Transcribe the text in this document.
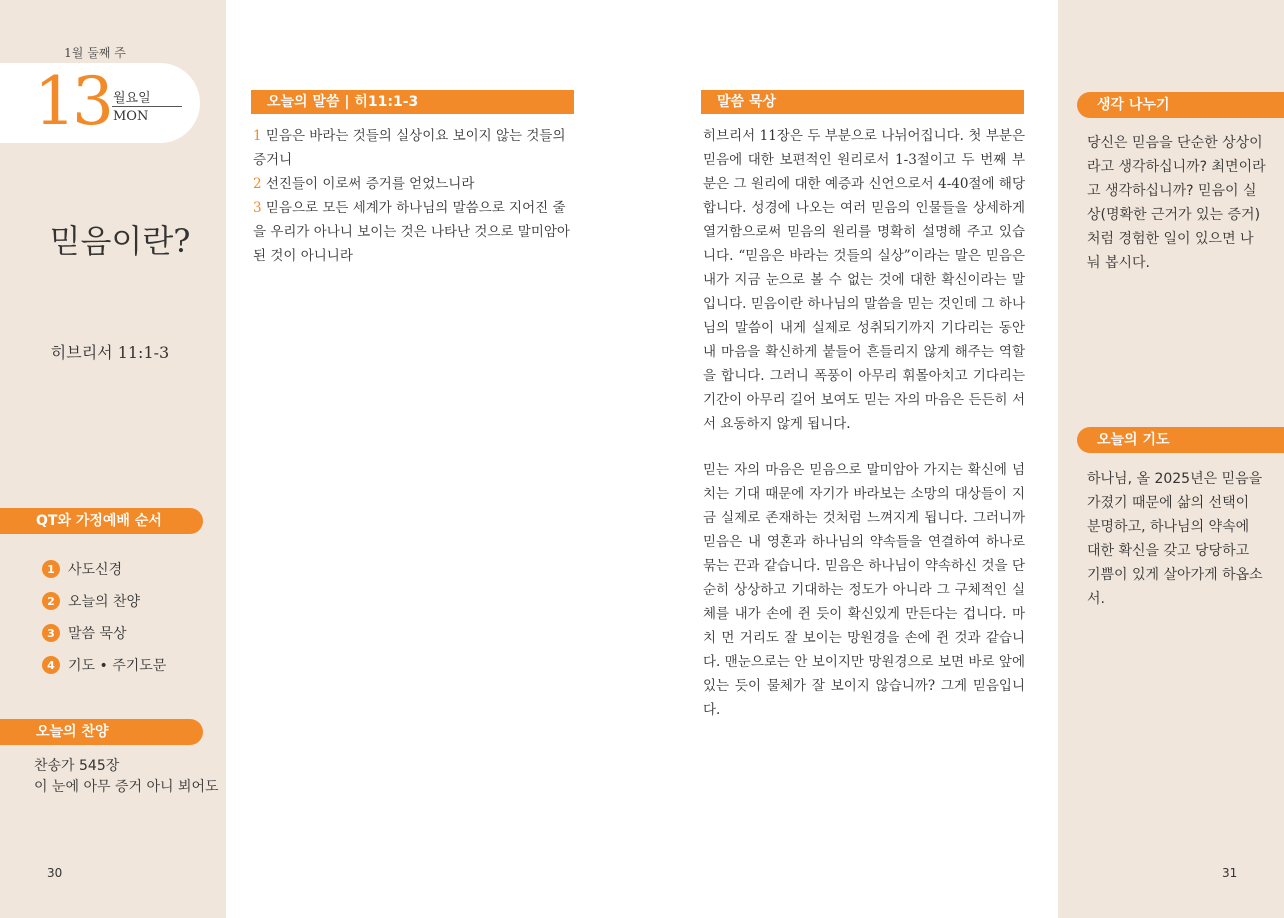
1월 둘째 주
13 월요일
MON
믿음이란?
히브리서 11:1-3
QT와 가정예배 순서
1 사도신경
2 오늘의 찬양
3 말씀 묵상
4 기도 • 주기도문
오늘의 찬양
찬송가 545장
이 눈에 아무 증거 아니 뵈어도
30
오늘의 말씀 | 히11:1-3
1 믿음은 바라는 것들의 실상이요 보이지 않는 것들의 증거니
2 선진들이 이로써 증거를 얻었느니라
3 믿음으로 모든 세계가 하나님의 말씀으로 지어진 줄을 우리가 아나니 보이는 것은 나타난 것으로 말미암아 된 것이 아니니라
말씀 묵상

히브리서 11장은 두 부분으로 나뉘어집니다. 첫 부분은 믿음에 대한 보편적인 원리로서 1-3절이고 두 번째 부분은 그 원리에 대한 예증과 신언으로서 4-40절에 해당합니다. 성경에 나오는 여러 믿음의 인물들을 상세하게 열거함으로써 믿음의 원리를 명확히 설명해 주고 있습니다. “믿음은 바라는 것들의 실상”이라는 말은 믿음은 내가 지금 눈으로 볼 수 없는 것에 대한 확신이라는 말입니다. 믿음이란 하나님의 말씀을 믿는 것인데 그 하나님의 말씀이 내게 실제로 성취되기까지 기다리는 동안 내 마음을 확신하게 붙들어 흔들리지 않게 해주는 역할을 합니다. 그러니 폭풍이 아무리 휘몰아치고 기다리는 기간이 아무리 길어 보여도 믿는 자의 마음은 든든히 서서 요동하지 않게 됩니다.

믿는 자의 마음은 믿음으로 말미암아 가지는 확신에 넘치는 기대 때문에 자기가 바라보는 소망의 대상들이 지금 실제로 존재하는 것처럼 느껴지게 됩니다. 그러니까 믿음은 내 영혼과 하나님의 약속들을 연결하여 하나로 묶는 끈과 같습니다. 믿음은 하나님이 약속하신 것을 단순히 상상하고 기대하는 정도가 아니라 그 구체적인 실체를 내가 손에 쥔 듯이 확신있게 만든다는 겁니다. 마치 먼 거리도 잘 보이는 망원경을 손에 쥔 것과 같습니다. 맨눈으로는 안 보이지만 망원경으로 보면 바로 앞에 있는 듯이 물체가 잘 보이지 않습니까? 그게 믿음입니다.

생각 나누기
당신은 믿음을 단순한 상상이라고 생각하십니까? 최면이라고 생각하십니까? 믿음이 실상(명확한 근거가 있는 증거)처럼 경험한 일이 있으면 나눠 봅시다.
오늘의 기도
하나님, 올 2025년은 믿음을 가졌기 때문에 삶의 선택이 분명하고, 하나님의 약속에 대한 확신을 갖고 당당하고 기쁨이 있게 살아가게 하옵소서.
31
